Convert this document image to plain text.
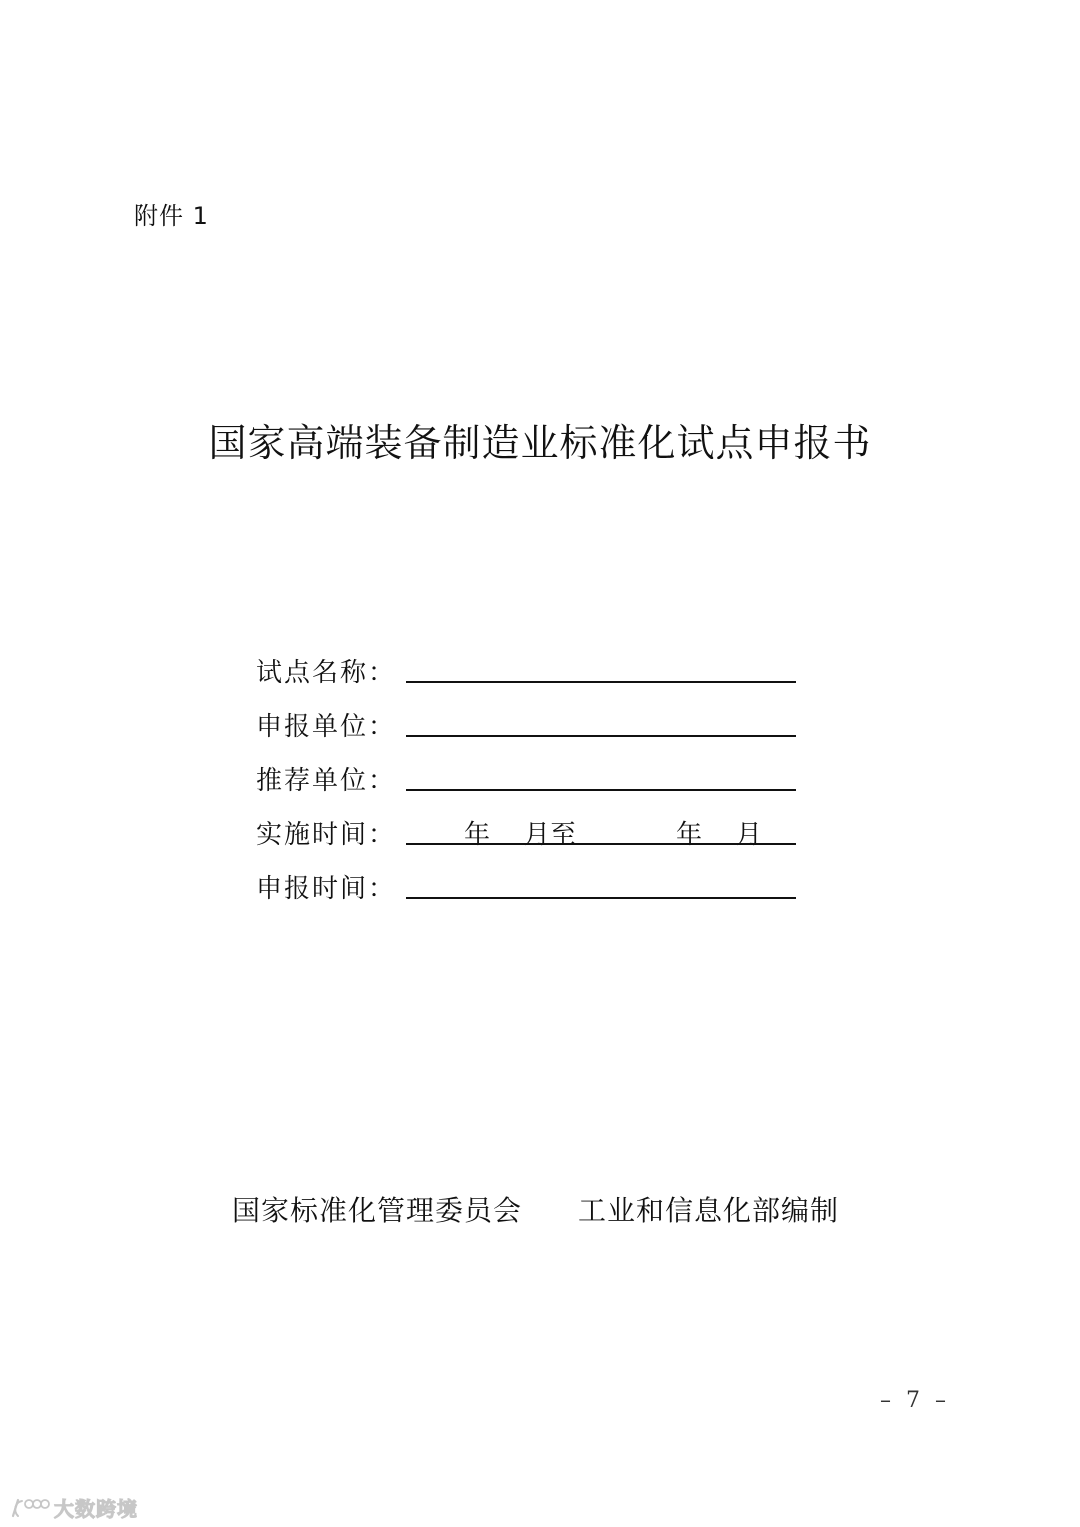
附件 1
国家高端装备制造业标准化试点申报书
试点名称：
申报单位：
推荐单位：
实施时间：	年 月至	年 月
申报时间：
国家标准化管理委员会 工业和信息化部编制
– 7 –
大数跨境
